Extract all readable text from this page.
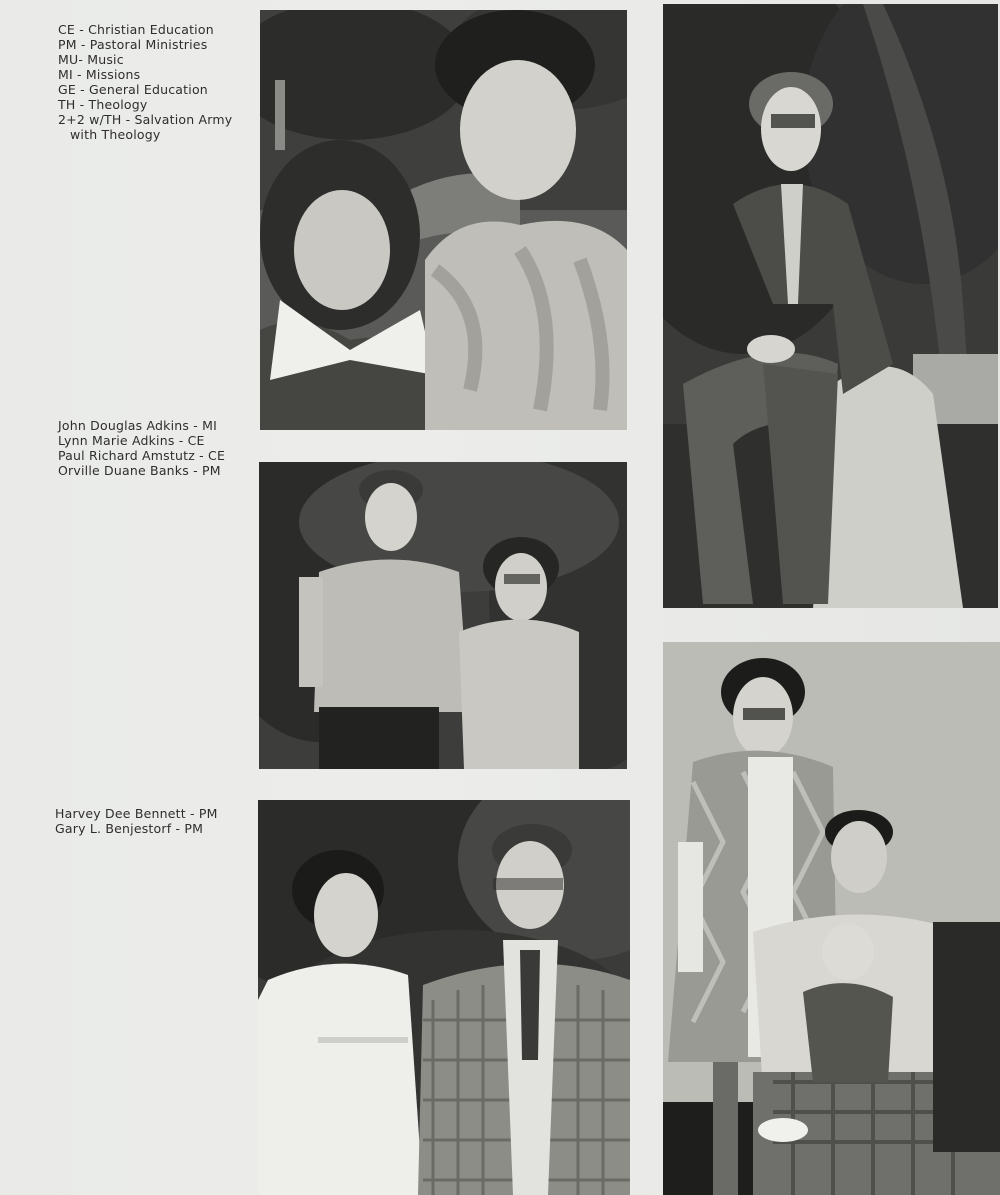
CE - Christian Education
PM - Pastoral Ministries
MU- Music
MI - Missions
GE - General Education
TH - Theology
2+2 w/TH - Salvation Army
with Theology
John Douglas Adkins - MI
Lynn Marie Adkins - CE
Paul Richard Amstutz - CE
Orville Duane Banks - PM
Harvey Dee Bennett - PM
Gary L. Benjestorf - PM
